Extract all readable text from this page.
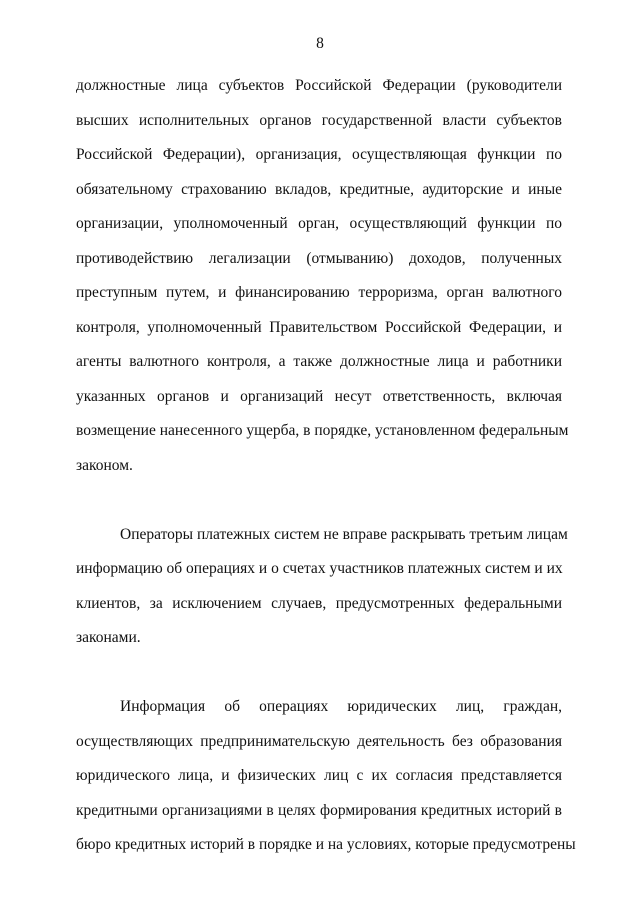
8
должностные лица субъектов Российской Федерации (руководители
высших исполнительных органов государственной власти субъектов
Российской Федерации), организация, осуществляющая функции по
обязательному страхованию вкладов, кредитные, аудиторские и иные
организации, уполномоченный орган, осуществляющий функции по
противодействию легализации (отмыванию) доходов, полученных
преступным путем, и финансированию терроризма, орган валютного
контроля, уполномоченный Правительством Российской Федерации, и
агенты валютного контроля, а также должностные лица и работники
указанных органов и организаций несут ответственность, включая
возмещение нанесенного ущерба, в порядке, установленном федеральным
законом.
Операторы платежных систем не вправе раскрывать третьим лицам
информацию об операциях и о счетах участников платежных систем и их
клиентов, за исключением случаев, предусмотренных федеральными
законами.
Информация об операциях юридических лиц, граждан,
осуществляющих предпринимательскую деятельность без образования
юридического лица, и физических лиц с их согласия представляется
кредитными организациями в целях формирования кредитных историй в
бюро кредитных историй в порядке и на условиях, которые предусмотрены
